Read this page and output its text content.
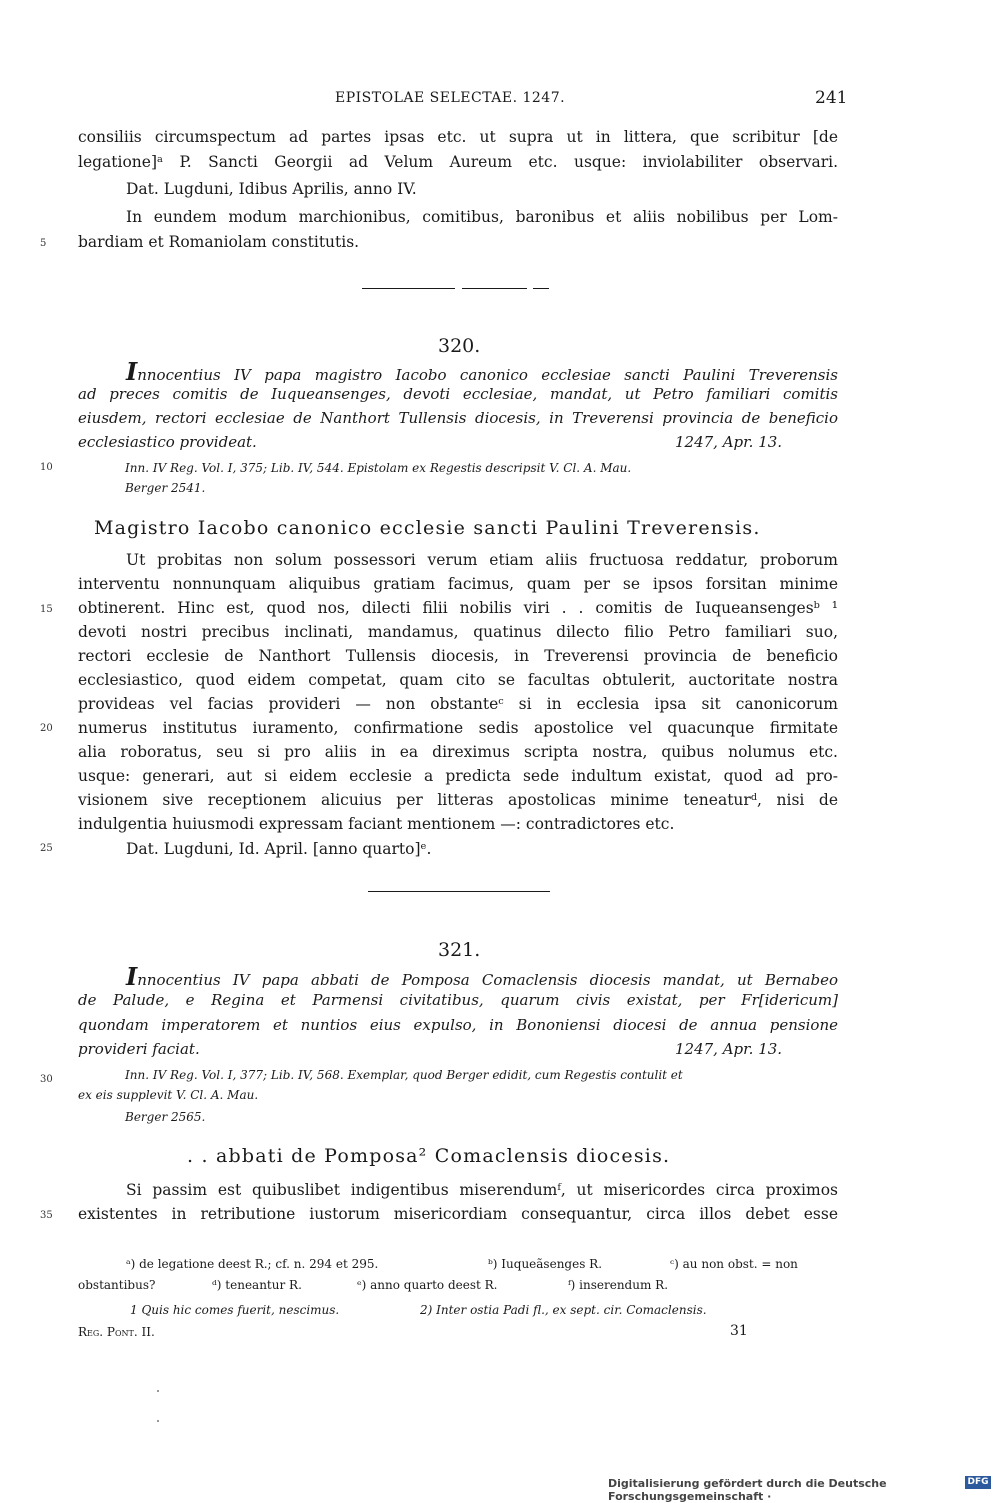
EPISTOLAE SELECTAE. 1247.	241
consiliis circumspectum ad partes ipsas etc. ut supra ut in littera, que scribitur [de
legatione]ᵃ P. Sancti Georgii ad Velum Aureum etc. usque: inviolabiliter observari.
Dat. Lugduni, Idibus Aprilis, anno IV.
In eundem modum marchionibus, comitibus, baronibus et aliis nobilibus per Lom-
bardiam et Romaniolam constitutis.
5
320.
Innocentius IV papa magistro Iacobo canonico ecclesiae sancti Paulini Treverensis
ad preces comitis de Iuqueansenges, devoti ecclesiae, mandat, ut Petro familiari comitis
eiusdem, rectori ecclesiae de Nanthort Tullensis diocesis, in Treverensi provincia de beneficio
ecclesiastico provideat.	1247, Apr. 13.
10	Inn. IV Reg. Vol. I, 375; Lib. IV, 544. Epistolam ex Regestis descripsit V. Cl. A. Mau.
Berger 2541.
Magistro Iacobo canonico ecclesie sancti Paulini Treverensis.
Ut probitas non solum possessori verum etiam aliis fructuosa reddatur, proborum
interventu nonnunquam aliquibus gratiam facimus, quam per se ipsos forsitan minime
15 obtinerent. Hinc est, quod nos, dilecti filii nobilis viri . . comitis de Iuqueansengesᵇ ¹
devoti nostri precibus inclinati, mandamus, quatinus dilecto filio Petro familiari suo,
rectori ecclesie de Nanthort Tullensis diocesis, in Treverensi provincia de beneficio
ecclesiastico, quod eidem competat, quam cito se facultas obtulerit, auctoritate nostra
provideas vel facias provideri — non obstanteᶜ si in ecclesia ipsa sit canonicorum
20 numerus institutus iuramento, confirmatione sedis apostolice vel quacunque firmitate
alia roboratus, seu si pro aliis in ea direximus scripta nostra, quibus nolumus etc.
usque: generari, aut si eidem ecclesie a predicta sede indultum existat, quod ad pro-
visionem sive receptionem alicuius per litteras apostolicas minime teneaturᵈ, nisi de
indulgentia huiusmodi expressam faciant mentionem —: contradictores etc.
25	Dat. Lugduni, Id. April. [anno quarto]ᵉ.
321.
Innocentius IV papa abbati de Pomposa Comaclensis diocesis mandat, ut Bernabeo
de Palude, e Regina et Parmensi civitatibus, quarum civis existat, per Fr[idericum]
quondam imperatorem et nuntios eius expulso, in Bononiensi diocesi de annua pensione
provideri faciat.	1247, Apr. 13.
30	Inn. IV Reg. Vol. I, 377; Lib. IV, 568. Exemplar, quod Berger edidit, cum Regestis contulit et
ex eis supplevit V. Cl. A. Mau.
Berger 2565.
. . abbati de Pomposa² Comaclensis diocesis.
Si passim est quibuslibet indigentibus miserendumᶠ, ut misericordes circa proximos
35 existentes in retributione iustorum misericordiam consequantur, circa illos debet esse
ᵃ) de legatione deest R.; cf. n. 294 et 295.	ᵇ) Iuqueãsenges R.	ᶜ) au non obst. = non
obstantibus?	ᵈ) teneantur R.	ᵉ) anno quarto deest R.	ᶠ) inserendum R.
1 Quis hic comes fuerit, nescimus.	2) Inter ostia Padi fl., ex sept. cir. Comaclensis.
Reg. Pont. II.	31
Digitalisierung gefördert durch die Deutsche Forschungsgemeinschaft ·
DFG
